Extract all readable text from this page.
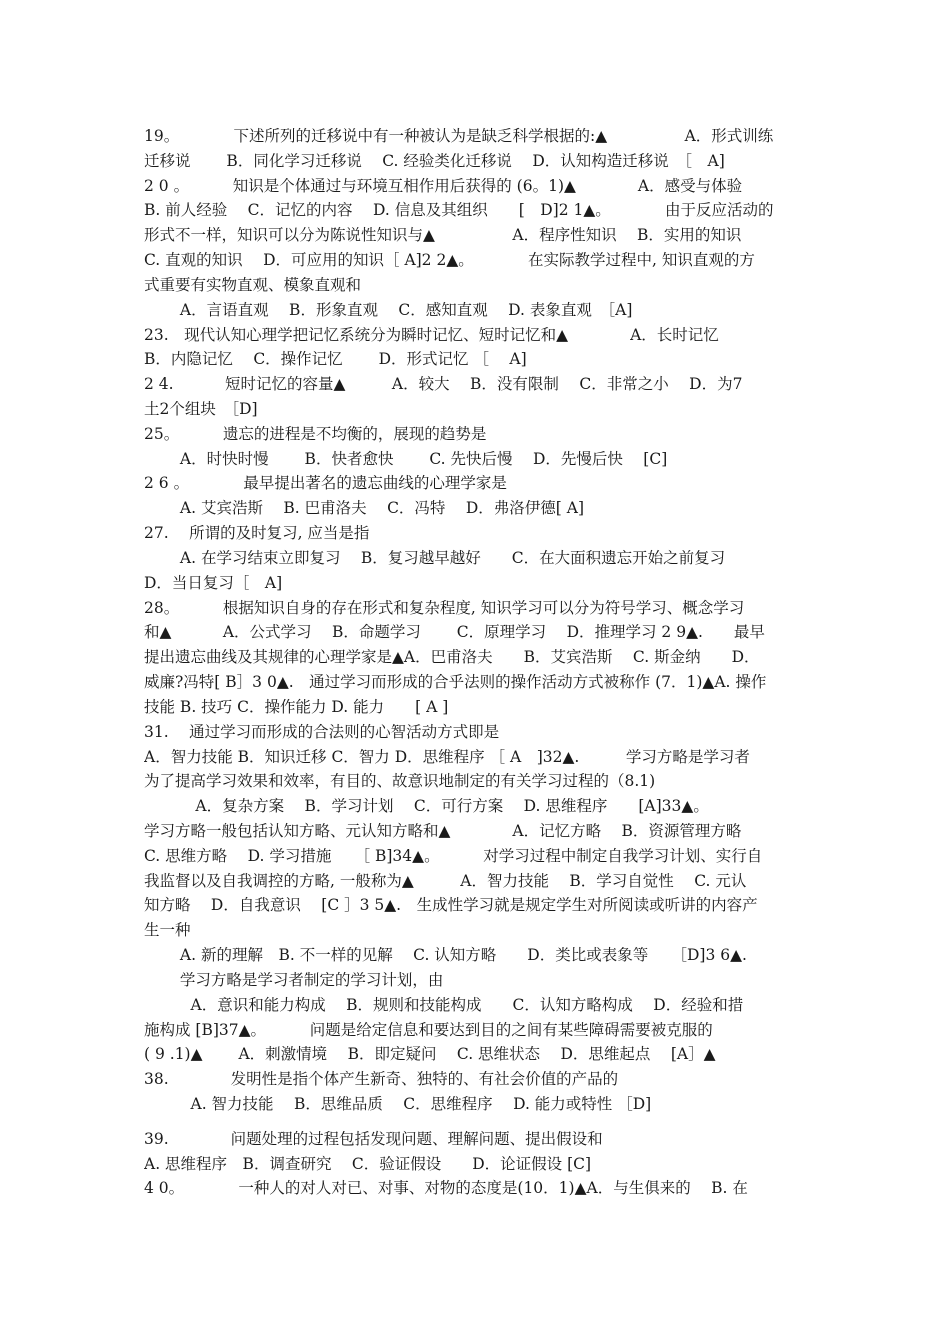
19。　　　　下述所列的迁移说中有一种被认为是缺乏科学根据的:▲　　　　　A．形式训练
迁移说　　 B．同化学习迁移说　 C. 经验类化迁移说　 D．认知构造迁移说　［　A]
2 0 。　　　 知识是个体通过与环境互相作用后获得的 (6。1)▲　　　　A．感受与体验
B. 前人经验　 C．记忆的内容　 D. 信息及其组织　　[　D]2 1▲。　　　　由于反应活动的
形式不一样，知识可以分为陈说性知识与▲　　　　　A．程序性知识　 B．实用的知识
C. 直观的知识　 D．可应用的知识［ A]2 2▲。　　　　在实际教学过程中, 知识直观的方
式重要有实物直观、模象直观和
　　 A．言语直观　 B．形象直观　 C．感知直观　 D. 表象直观　［A]
23.　现代认知心理学把记忆系统分为瞬时记忆、短时记忆和▲　　　　A．长时记忆
B．内隐记忆　 C．操作记忆　　 D．形式记忆 ［　 A]
2 4.　　　 短时记忆的容量▲　　　A．较大　 B．没有限制　 C．非常之小　 D．为7
土2个组块　［D]
25。　　　 遗忘的进程是不均衡的，展现的趋势是
　　 A．时快时慢　　 B．快者愈快　　 C. 先快后慢　 D．先慢后快　 [C]
2 6 。　　　　最早提出著名的遗忘曲线的心理学家是
　　 A. 艾宾浩斯　 B. 巴甫洛夫　 C．冯特　 D．弗洛伊德[ A]
27.　 所谓的及时复习, 应当是指
　　 A. 在学习结束立即复习　 B．复习越早越好　　C．在大面积遗忘开始之前复习
D．当日复习［　A]
28。　　　 根据知识自身的存在形式和复杂程度, 知识学习可以分为符号学习、概念学习
和▲　　　 A．公式学习　 B．命题学习　　 C．原理学习　 D．推理学习 2 9▲.　　最早
提出遗忘曲线及其规律的心理学家是▲A．巴甫洛夫　　B．艾宾浩斯　 C. 斯金纳　　D．
威廉?冯特[ B］3 0▲.　通过学习而形成的合乎法则的操作活动方式被称作 (7．1)▲A. 操作
技能 B. 技巧 C．操作能力 D. 能力　　[ A ]
31.　 通过学习而形成的合法则的心智活动方式即是
A．智力技能 B．知识迁移 C．智力 D．思维程序 ［ A　]32▲.　　　学习方略是学习者
为了提高学习效果和效率，有目的、故意识地制定的有关学习过程的（8.1)
　　　 A．复杂方案　 B．学习计划　 C．可行方案　 D. 思维程序　　[A]33▲。
学习方略一般包括认知方略、元认知方略和▲　　　　A．记忆方略　 B．资源管理方略
C. 思维方略　 D. 学习措施　　［ B]34▲。　　　 对学习过程中制定自我学习计划、实行自
我监督以及自我调控的方略, 一般称为▲　　　A．智力技能　 B．学习自觉性　 C. 元认
知方略　 D．自我意识　 [C ］3 5▲.　生成性学习就是规定学生对所阅读或听讲的内容产
生一种
　　 A. 新的理解　B. 不一样的见解　 C. 认知方略　　D．类比或表象等　　［D]3 6▲.
　　 学习方略是学习者制定的学习计划，由
　　　A．意识和能力构成　 B．规则和技能构成　　C．认知方略构成　 D．经验和措
施构成 [B]37▲。　　　 问题是给定信息和要达到目的之间有某些障碍需要被克服的
( 9 .1)▲　　 A．刺激情境　 B．即定疑问　 C. 思维状态　 D．思维起点　 [A］▲
38.　　　　发明性是指个体产生新奇、独特的、有社会价值的产品的
　　　A. 智力技能　 B．思维品质　 C．思维程序　 D. 能力或特性 ［D]
39.　　　　问题处理的过程包括发现问题、理解问题、提出假设和
A. 思维程序　B．调查研究　 C．验证假设　　D．论证假设 [C]
4 0。　　　　一种人的对人对已、对事、对物的态度是(10．1)▲A．与生俱来的　 B. 在
